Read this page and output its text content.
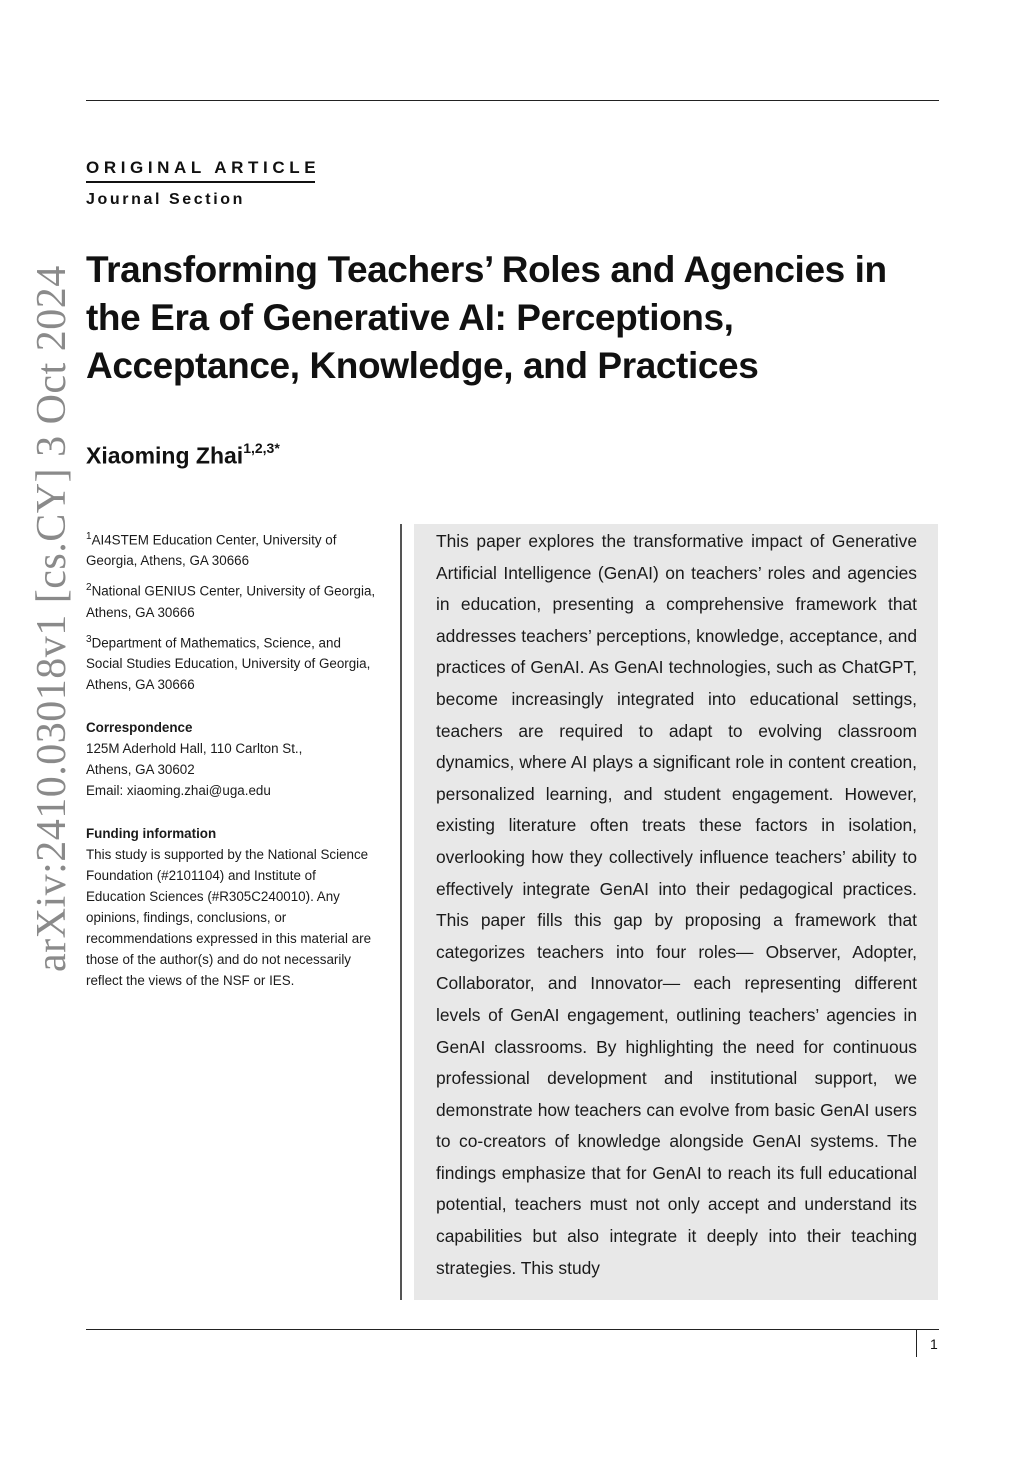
arXiv:2410.03018v1 [cs.CY] 3 Oct 2024
ORIGINAL ARTICLE
Journal Section
Transforming Teachers’ Roles and Agencies in the Era of Generative AI: Perceptions, Acceptance, Knowledge, and Practices
Xiaoming Zhai$^{1,2,3*}$
$^1$AI4STEM Education Center, University of Georgia, Athens, GA 30666
$^2$National GENIUS Center, University of Georgia, Athens, GA 30666
$^3$Department of Mathematics, Science, and Social Studies Education, University of Georgia, Athens, GA 30666
Correspondence
125M Aderhold Hall, 110 Carlton St.,
Athens, GA 30602
Email: xiaoming.zhai@uga.edu
Funding information
This study is supported by the National Science Foundation (#2101104) and Institute of Education Sciences (#R305C240010). Any opinions, findings, conclusions, or recommendations expressed in this material are those of the author(s) and do not necessarily reflect the views of the NSF or IES.
This paper explores the transformative impact of Generative Artificial Intelligence (GenAI) on teachers’ roles and agencies in education, presenting a comprehensive framework that addresses teachers’ perceptions, knowledge, acceptance, and practices of GenAI. As GenAI technologies, such as ChatGPT, become increasingly integrated into educational settings, teachers are required to adapt to evolving classroom dynamics, where AI plays a significant role in content creation, personalized learning, and student engagement. However, existing literature often treats these factors in isolation, overlooking how they collectively influence teachers’ ability to effectively integrate GenAI into their pedagogical practices. This paper fills this gap by proposing a framework that categorizes teachers into four roles— Observer, Adopter, Collaborator, and Innovator— each representing different levels of GenAI engagement, outlining teachers’ agencies in GenAI classrooms. By highlighting the need for continuous professional development and institutional support, we demonstrate how teachers can evolve from basic GenAI users to co-creators of knowledge alongside GenAI systems. The findings emphasize that for GenAI to reach its full educational potential, teachers must not only accept and understand its capabilities but also integrate it deeply into their teaching strategies. This study
1
